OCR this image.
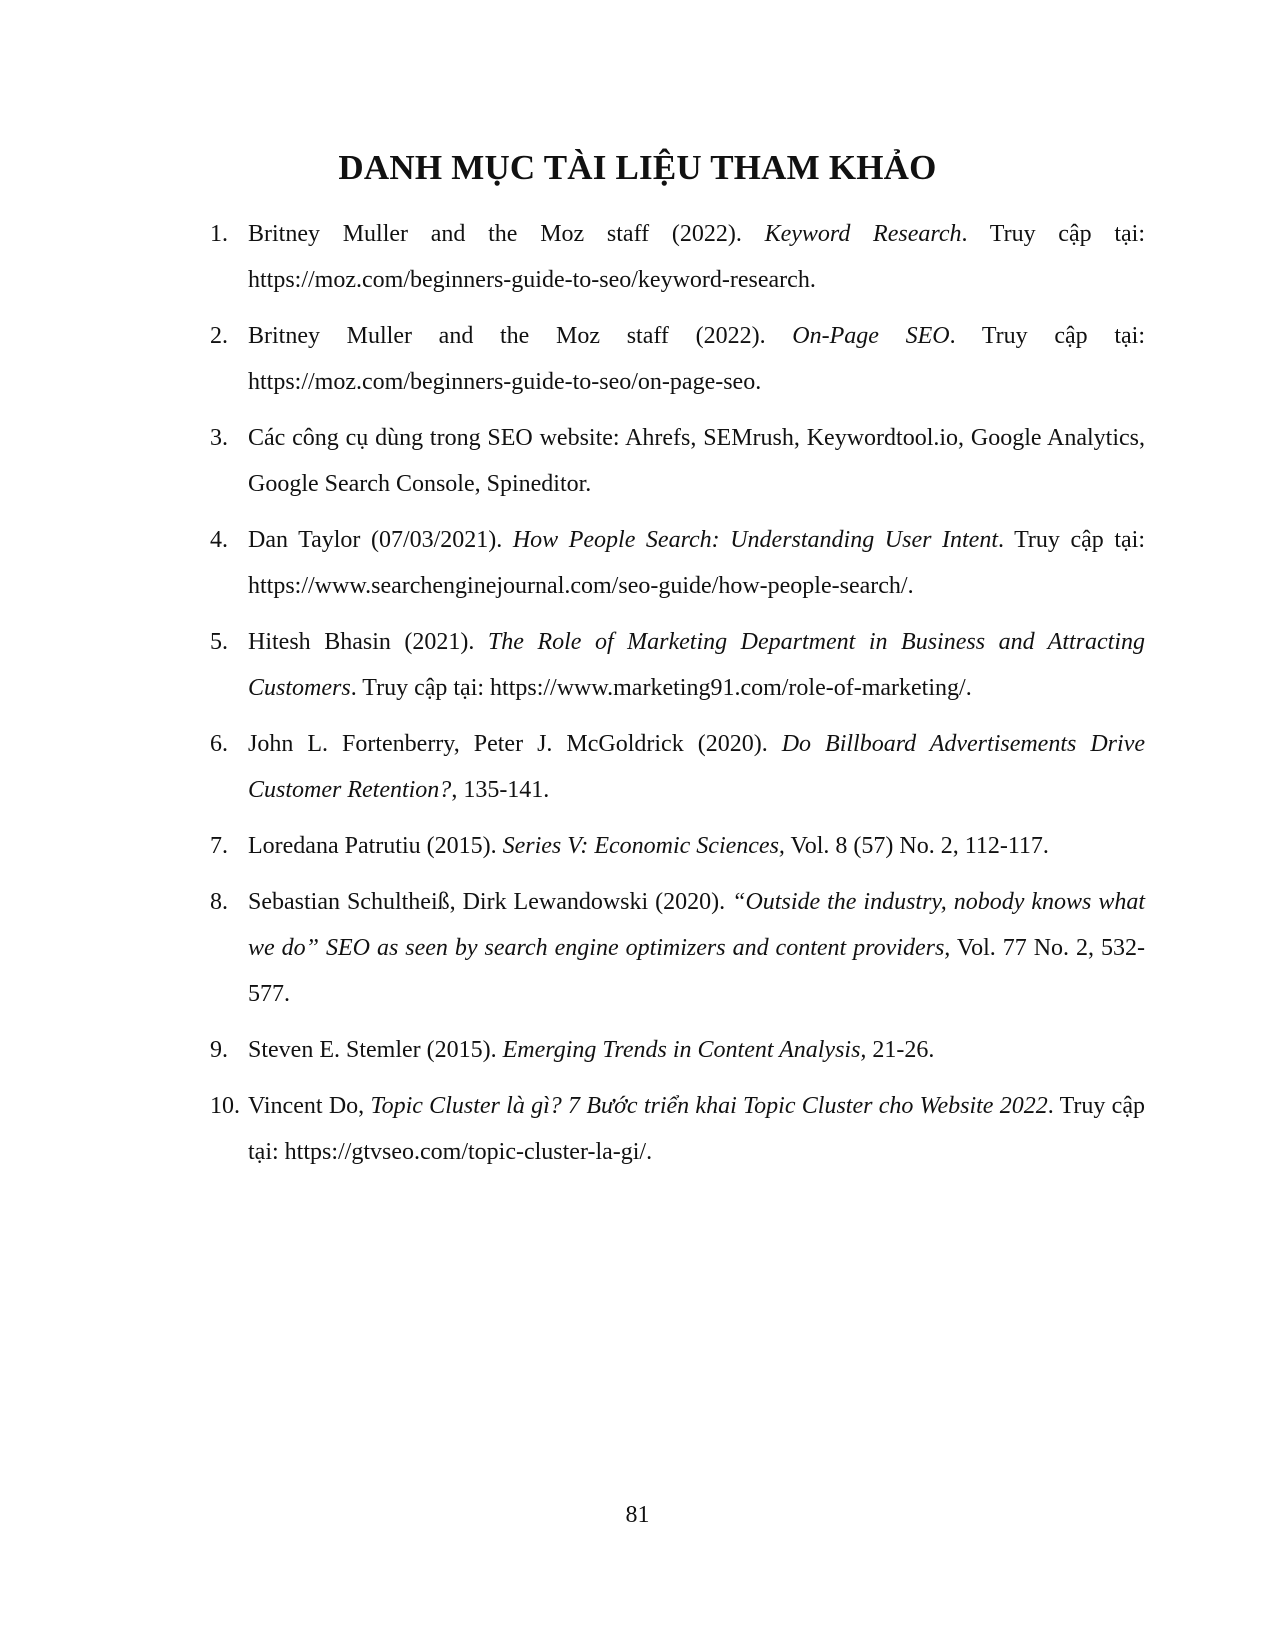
DANH MỤC TÀI LIỆU THAM KHẢO
1. Britney Muller and the Moz staff (2022). Keyword Research. Truy cập tại: https://moz.com/beginners-guide-to-seo/keyword-research.
2. Britney Muller and the Moz staff (2022). On-Page SEO. Truy cập tại: https://moz.com/beginners-guide-to-seo/on-page-seo.
3. Các công cụ dùng trong SEO website: Ahrefs, SEMrush, Keywordtool.io, Google Analytics, Google Search Console, Spineditor.
4. Dan Taylor (07/03/2021). How People Search: Understanding User Intent. Truy cập tại: https://www.searchenginejournal.com/seo-guide/how-people-search/.
5. Hitesh Bhasin (2021). The Role of Marketing Department in Business and Attracting Customers. Truy cập tại: https://www.marketing91.com/role-of-marketing/.
6. John L. Fortenberry, Peter J. McGoldrick (2020). Do Billboard Advertisements Drive Customer Retention?, 135-141.
7. Loredana Patrutiu (2015). Series V: Economic Sciences, Vol. 8 (57) No. 2, 112-117.
8. Sebastian Schultheiß, Dirk Lewandowski (2020). “Outside the industry, nobody knows what we do” SEO as seen by search engine optimizers and content providers, Vol. 77 No. 2, 532-577.
9. Steven E. Stemler (2015). Emerging Trends in Content Analysis, 21-26.
10. Vincent Do, Topic Cluster là gì? 7 Bước triển khai Topic Cluster cho Website 2022. Truy cập tại: https://gtvseo.com/topic-cluster-la-gi/.
81
